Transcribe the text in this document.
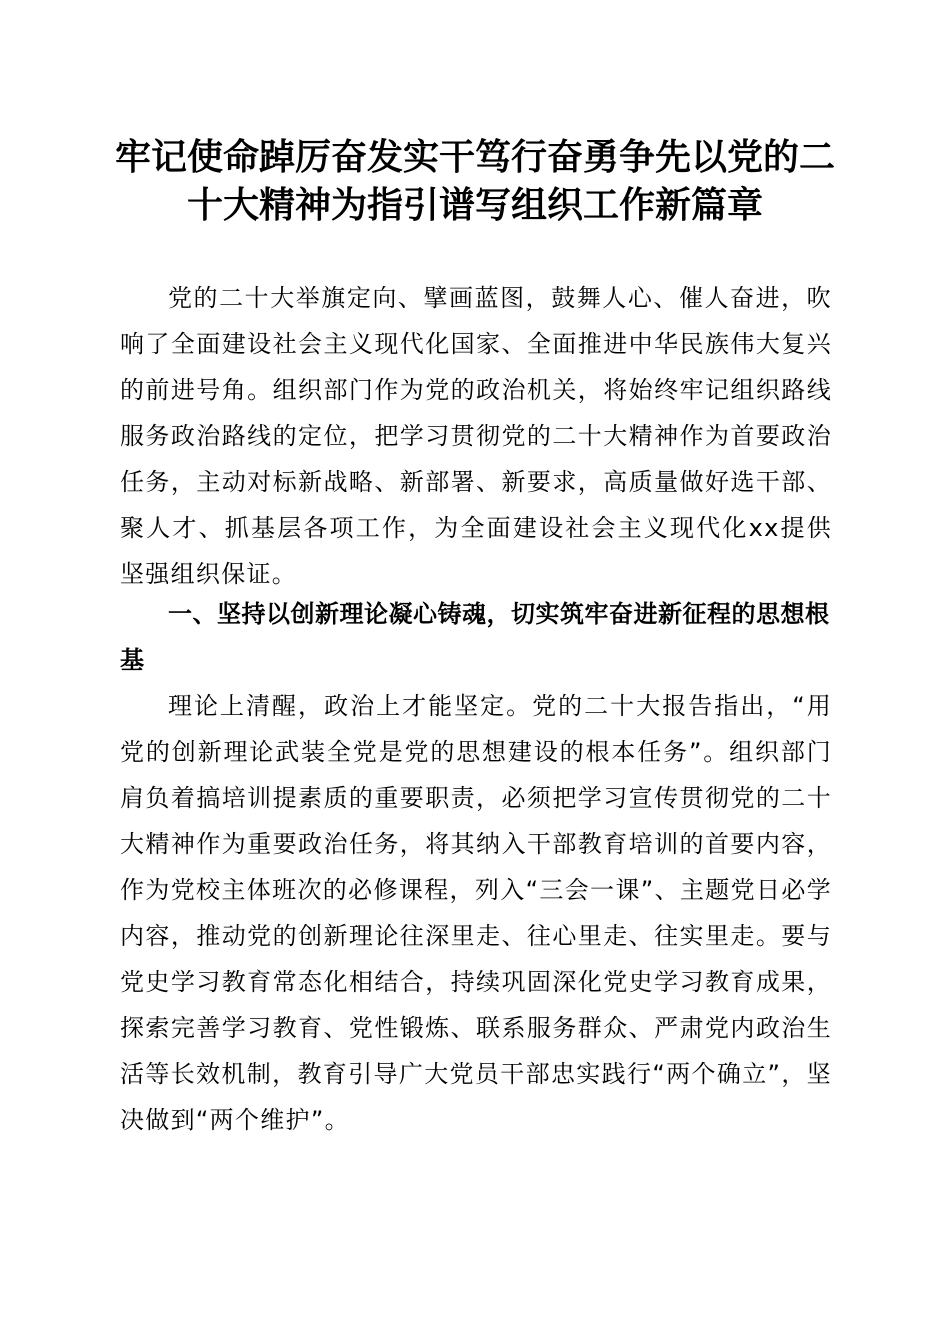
牢记使命踔厉奋发实干笃行奋勇争先以党的二
十大精神为指引谱写组织工作新篇章

党的二十大举旗定向、擘画蓝图，鼓舞人心、催人奋进，吹响了全面建设社会主义现代化国家、全面推进中华民族伟大复兴的前进号角。组织部门作为党的政治机关，将始终牢记组织路线服务政治路线的定位，把学习贯彻党的二十大精神作为首要政治任务，主动对标新战略、新部署、新要求，高质量做好选干部、聚人才、抓基层各项工作，为全面建设社会主义现代化xx提供坚强组织保证。

一、坚持以创新理论凝心铸魂，切实筑牢奋进新征程的思想根基

理论上清醒，政治上才能坚定。党的二十大报告指出，“用党的创新理论武装全党是党的思想建设的根本任务”。组织部门肩负着搞培训提素质的重要职责，必须把学习宣传贯彻党的二十大精神作为重要政治任务，将其纳入干部教育培训的首要内容，作为党校主体班次的必修课程，列入“三会一课”、主题党日必学内容，推动党的创新理论往深里走、往心里走、往实里走。要与党史学习教育常态化相结合，持续巩固深化党史学习教育成果，探索完善学习教育、党性锻炼、联系服务群众、严肃党内政治生活等长效机制，教育引导广大党员干部忠实践行“两个确立”，坚决做到“两个维护”。
